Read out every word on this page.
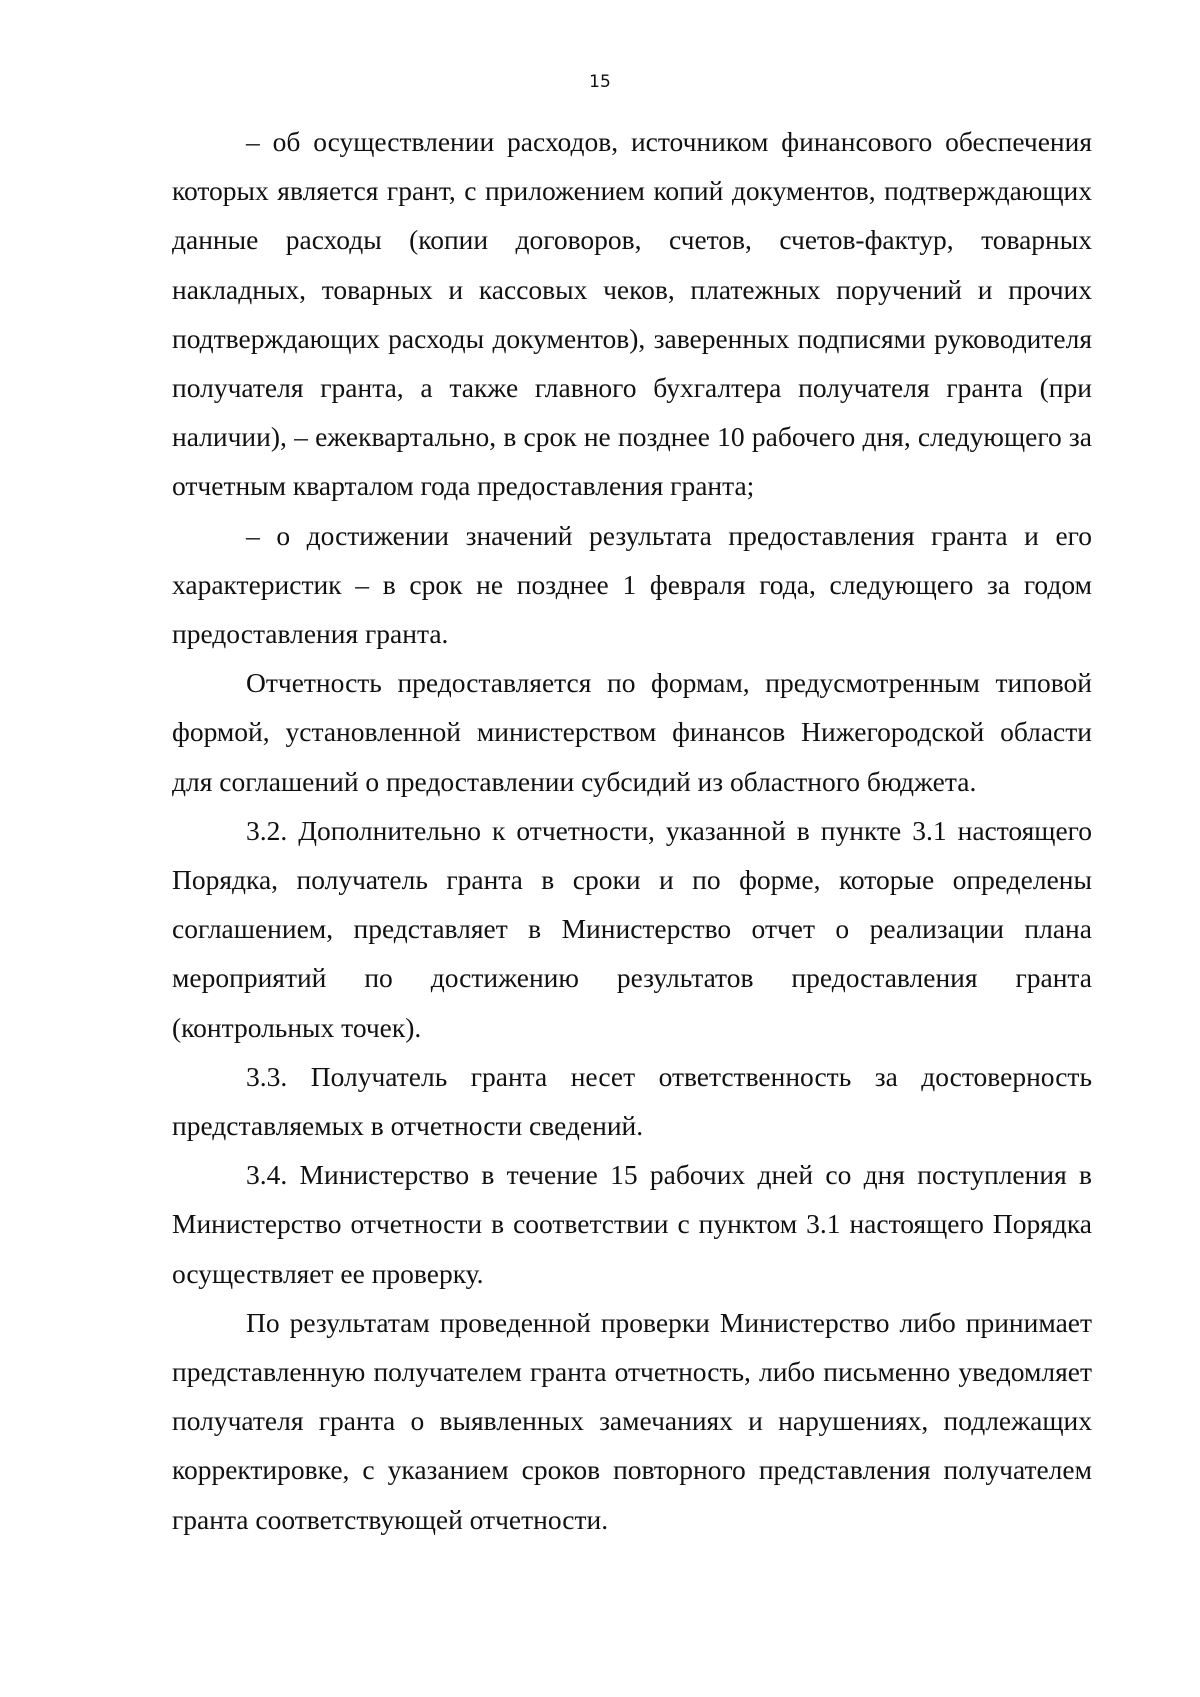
15

– об осуществлении расходов, источником финансового обеспечения которых является грант, с приложением копий документов, подтверждающих данные расходы (копии договоров, счетов, счетов-фактур, товарных накладных, товарных и кассовых чеков, платежных поручений и прочих подтверждающих расходы документов), заверенных подписями руководителя получателя гранта, а также главного бухгалтера получателя гранта (при наличии), – ежеквартально, в срок не позднее 10 рабочего дня, следующего за отчетным кварталом года предоставления гранта;

– о достижении значений результата предоставления гранта и его характеристик – в срок не позднее 1 февраля года, следующего за годом предоставления гранта.

Отчетность предоставляется по формам, предусмотренным типовой формой, установленной министерством финансов Нижегородской области для соглашений о предоставлении субсидий из областного бюджета.

3.2. Дополнительно к отчетности, указанной в пункте 3.1 настоящего Порядка, получатель гранта в сроки и по форме, которые определены соглашением, представляет в Министерство отчет о реализации плана мероприятий по достижению результатов предоставления гранта (контрольных точек).

3.3. Получатель гранта несет ответственность за достоверность представляемых в отчетности сведений.

3.4. Министерство в течение 15 рабочих дней со дня поступления в Министерство отчетности в соответствии с пунктом 3.1 настоящего Порядка осуществляет ее проверку.

По результатам проведенной проверки Министерство либо принимает представленную получателем гранта отчетность, либо письменно уведомляет получателя гранта о выявленных замечаниях и нарушениях, подлежащих корректировке, с указанием сроков повторного представления получателем гранта соответствующей отчетности.
